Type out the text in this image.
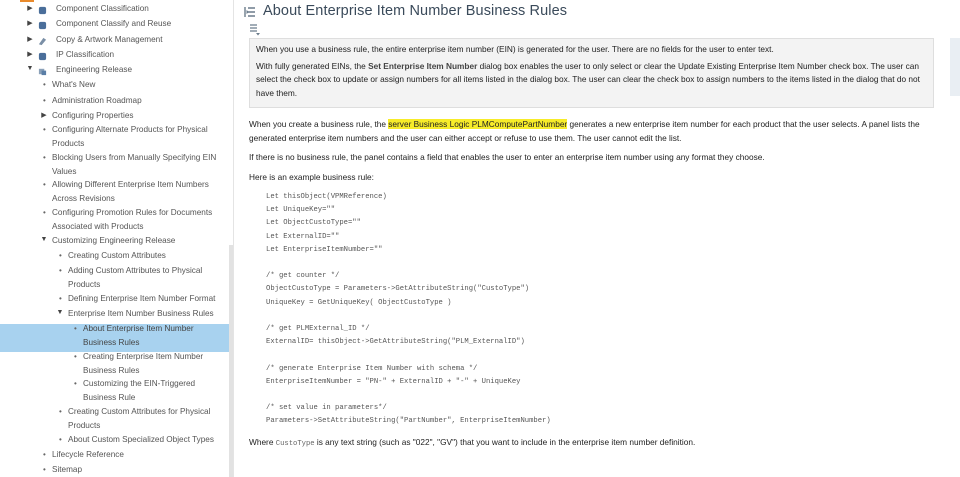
▶	Component Classification
▶	Component Classify and Reuse
▶	Copy & Artwork Management
▶	IP Classification
▼	Engineering Release
• What's New
• Administration Roadmap
▶ Configuring Properties
• Configuring Alternate Products for Physical
Products
• Blocking Users from Manually Specifying EIN
Values
• Allowing Different Enterprise Item Numbers
Across Revisions
• Configuring Promotion Rules for Documents
Associated with Products
▼ Customizing Engineering Release
• Creating Custom Attributes
• Adding Custom Attributes to Physical
Products
• Defining Enterprise Item Number Format
▼ Enterprise Item Number Business Rules
• About Enterprise Item Number
Business Rules
• Creating Enterprise Item Number
Business Rules
• Customizing the EIN-Triggered
Business Rule
• Creating Custom Attributes for Physical
Products
• About Custom Specialized Object Types
• Lifecycle Reference
• Sitemap
About Enterprise Item Number Business Rules

When you use a business rule, the entire enterprise item number (EIN) is generated for the user. There are no fields for the user to enter text.

With fully generated EINs, the Set Enterprise Item Number dialog box enables the user to only select or clear the Update Existing Enterprise Item Number check box. The user can select the check box to update or assign numbers for all items listed in the dialog box. The user can clear the check box to assign numbers to the items listed in the dialog that do not have them.

When you create a business rule, the server Business Logic PLMComputePartNumber generates a new enterprise item number for each product that the user selects. A panel lists the generated enterprise item numbers and the user can either accept or refuse to use them. The user cannot edit the list.

If there is no business rule, the panel contains a field that enables the user to enter an enterprise item number using any format they choose.

Here is an example business rule:

Let thisObject(VPMReference)
Let UniqueKey=""
Let ObjectCustoType=""
Let ExternalID=""
Let EnterpriseItemNumber=""

/* get counter */
ObjectCustoType = Parameters->GetAttributeString("CustoType")
UniqueKey = GetUniqueKey( ObjectCustoType )

/* get PLMExternal_ID */
ExternalID= thisObject->GetAttributeString("PLM_ExternalID")

/* generate Enterprise Item Number with schema */
EnterpriseItemNumber = "PN-" + ExternalID + "-" + UniqueKey

/* set value in parameters*/
Parameters->SetAttributeString("PartNumber", EnterpriseItemNumber)

Where CustoType is any text string (such as "022", "GV") that you want to include in the enterprise item number definition.
